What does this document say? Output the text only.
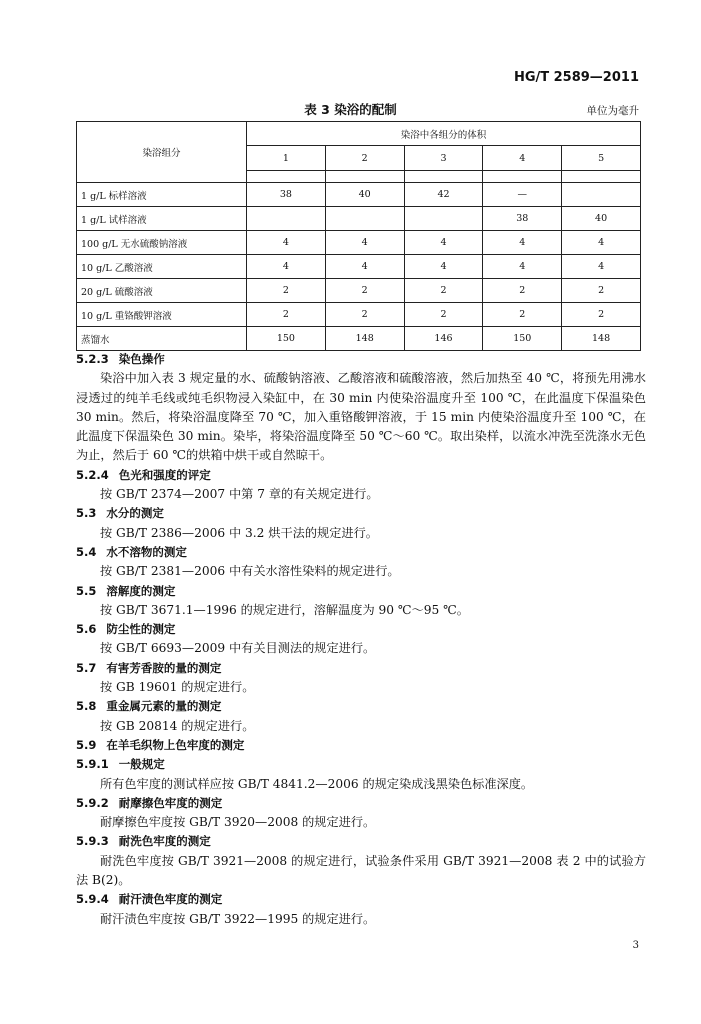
HG/T 2589—2011
表 3 染浴的配制	单位为毫升
染浴组分	染浴中各组分的体积				
	1	2	3	4	5

1 g/L 标样溶液	38	40	42	—	
1 g/L 试样溶液				38	40
100 g/L 无水硫酸钠溶液	4	4	4	4	4
10 g/L 乙酸溶液	4	4	4	4	4
20 g/L 硫酸溶液	2	2	2	2	2
10 g/L 重铬酸钾溶液	2	2	2	2	2
蒸馏水	150	148	146	150	148
5.2.3 染色操作
染浴中加入表 3 规定量的水、硫酸钠溶液、乙酸溶液和硫酸溶液，然后加热至 40 ℃，将预先用沸水浸透过的纯羊毛线或纯毛织物浸入染缸中，在 30 min 内使染浴温度升至 100 ℃，在此温度下保温染色 30 min。然后，将染浴温度降至 70 ℃，加入重铬酸钾溶液，于 15 min 内使染浴温度升至 100 ℃，在此温度下保温染色 30 min。染毕，将染浴温度降至 50 ℃～60 ℃。取出染样，以流水冲洗至洗涤水无色为止，然后于 60 ℃的烘箱中烘干或自然晾干。
5.2.4 色光和强度的评定
按 GB/T 2374—2007 中第 7 章的有关规定进行。
5.3 水分的测定
按 GB/T 2386—2006 中 3.2 烘干法的规定进行。
5.4 水不溶物的测定
按 GB/T 2381—2006 中有关水溶性染料的规定进行。
5.5 溶解度的测定
按 GB/T 3671.1—1996 的规定进行，溶解温度为 90 ℃～95 ℃。
5.6 防尘性的测定
按 GB/T 6693—2009 中有关目测法的规定进行。
5.7 有害芳香胺的量的测定
按 GB 19601 的规定进行。
5.8 重金属元素的量的测定
按 GB 20814 的规定进行。
5.9 在羊毛织物上色牢度的测定
5.9.1 一般规定
所有色牢度的测试样应按 GB/T 4841.2—2006 的规定染成浅黑染色标准深度。
5.9.2 耐摩擦色牢度的测定
耐摩擦色牢度按 GB/T 3920—2008 的规定进行。
5.9.3 耐洗色牢度的测定
耐洗色牢度按 GB/T 3921—2008 的规定进行，试验条件采用 GB/T 3921—2008 表 2 中的试验方法 B(2)。
5.9.4 耐汗渍色牢度的测定
耐汗渍色牢度按 GB/T 3922—1995 的规定进行。
3
